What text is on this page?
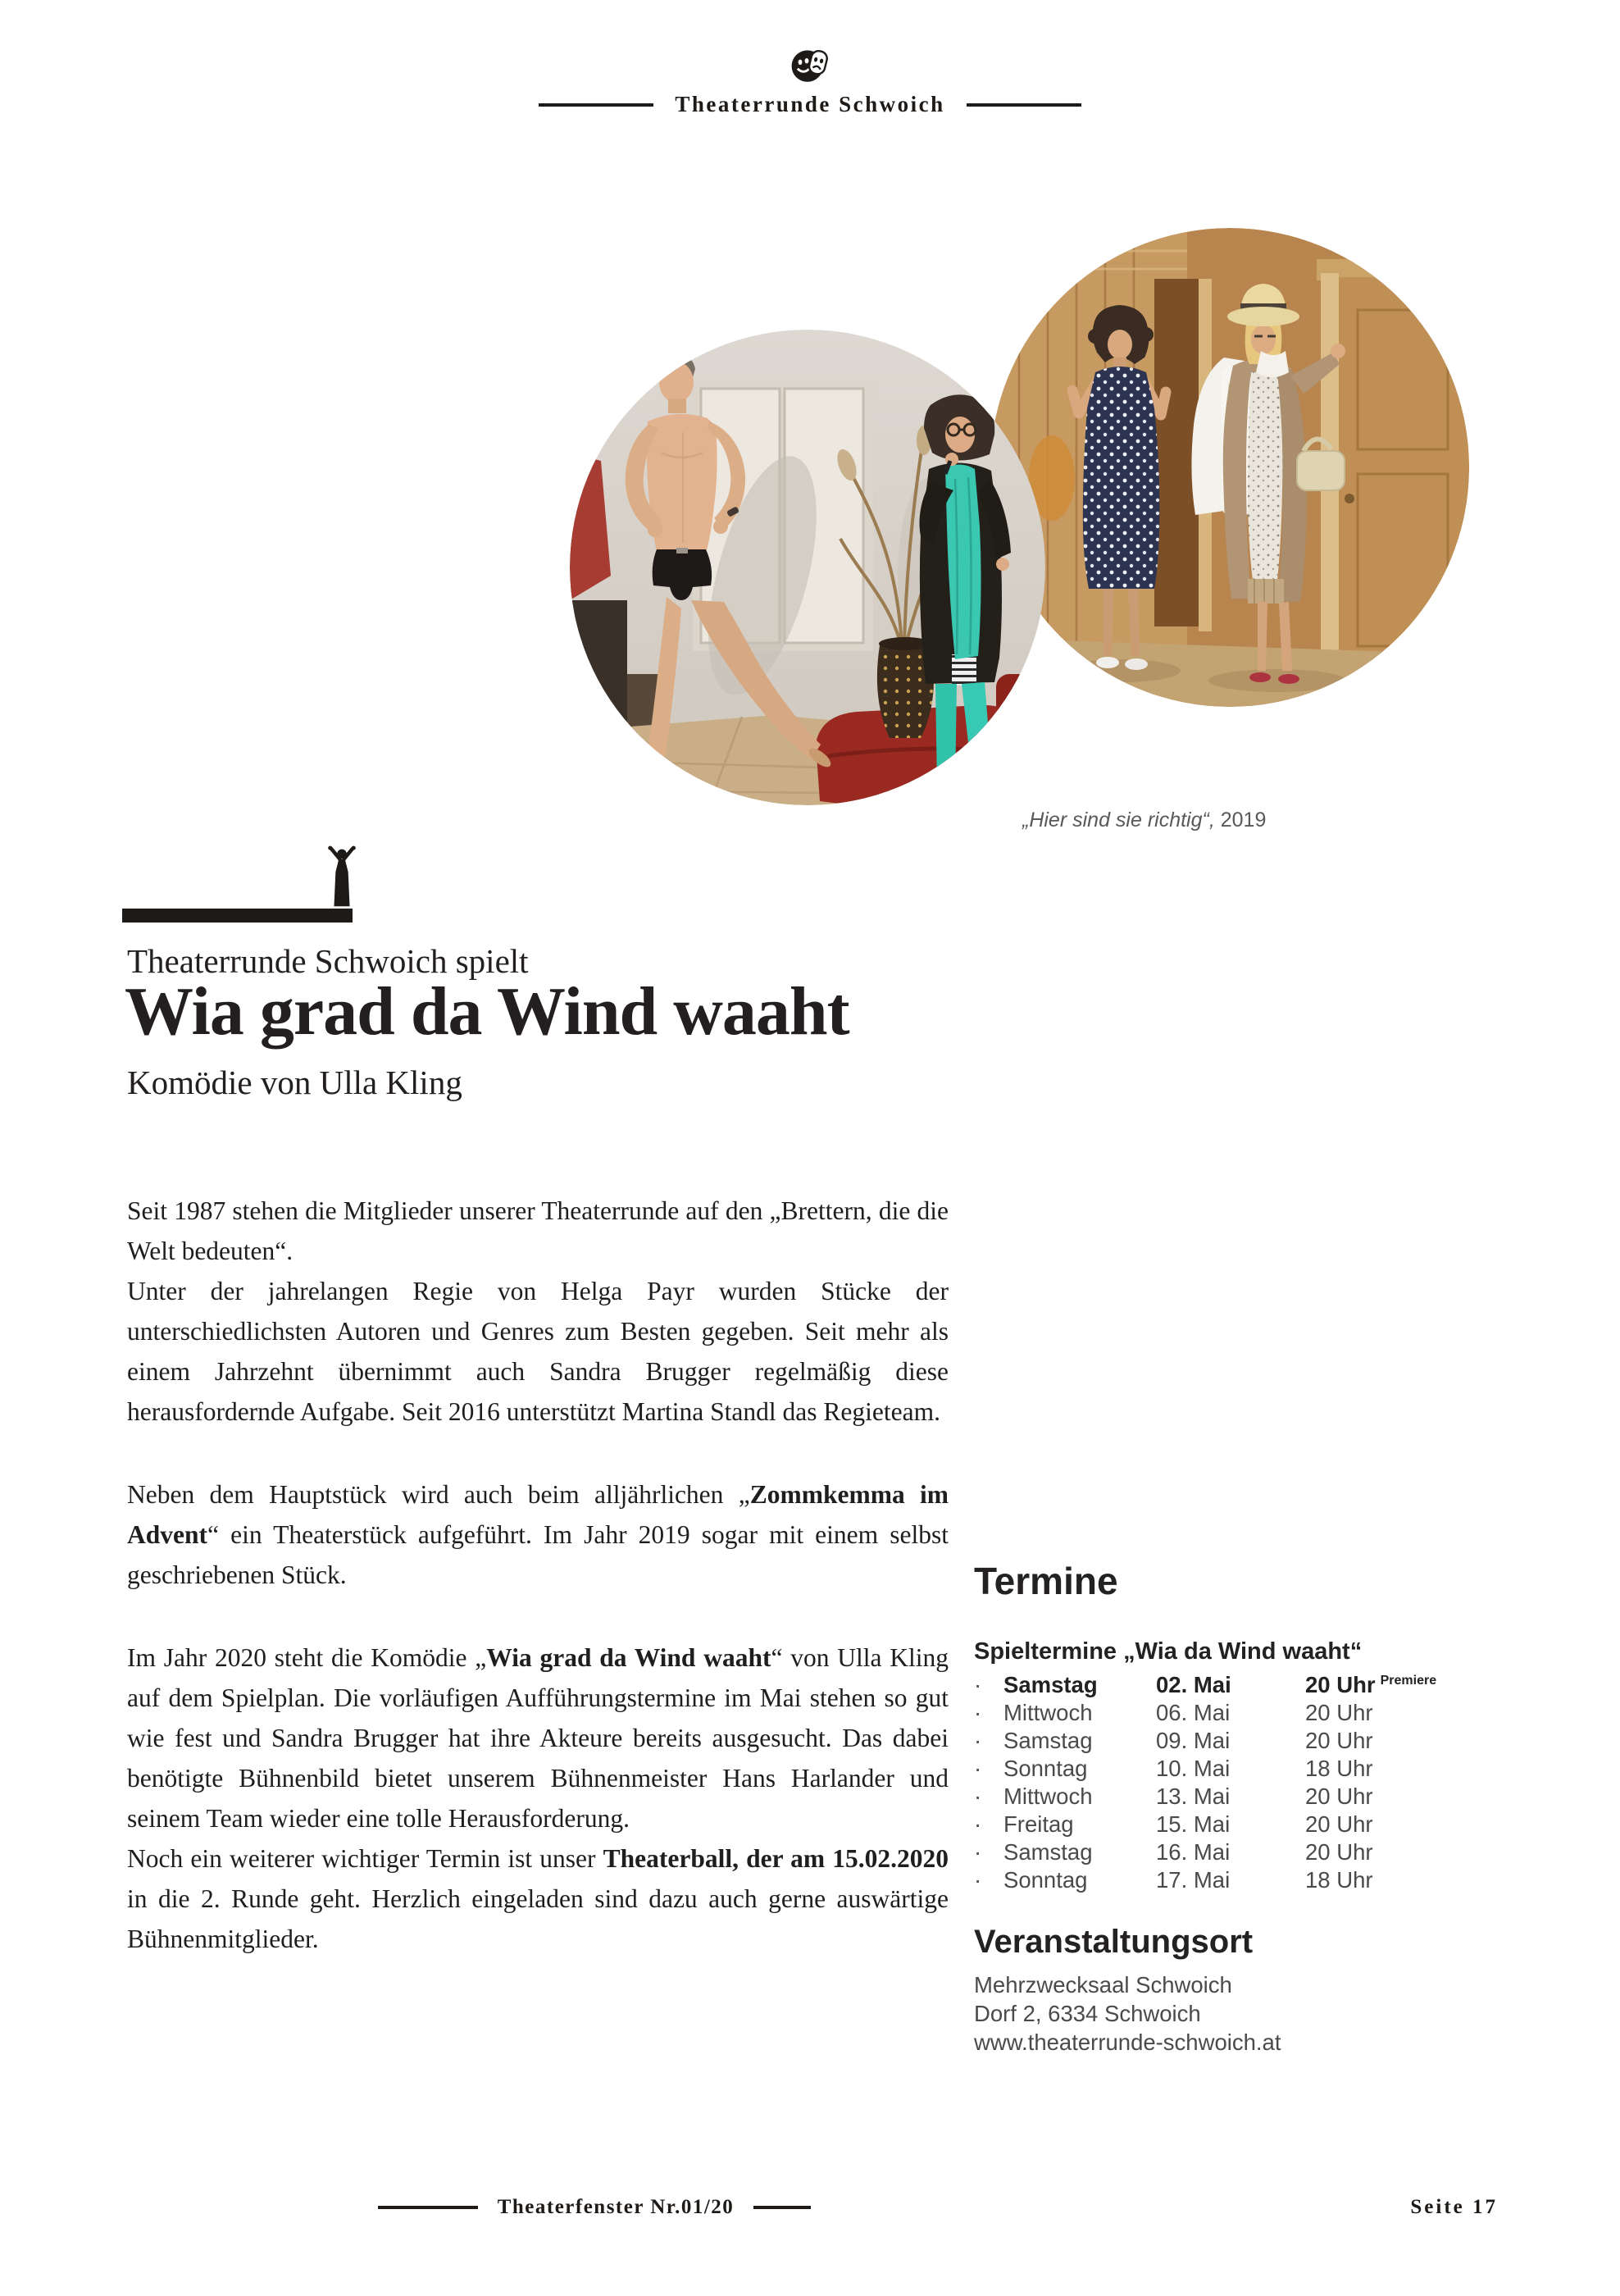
Theaterrunde Schwoich
„Hier sind sie richtig“, 2019
Theaterrunde Schwoich spielt
Wia grad da Wind waaht
Komödie von Ulla Kling

Seit 1987 stehen die Mitglieder unserer Theaterrunde auf den „Brettern, die die Welt bedeuten“.
Unter der jahrelangen Regie von Helga Payr wurden Stücke der unterschiedlichsten Autoren und Genres zum Besten gegeben. Seit mehr als einem Jahrzehnt übernimmt auch Sandra Brugger regelmäßig diese herausfordernde Aufgabe. Seit 2016 unterstützt Martina Standl das Regieteam.

Neben dem Hauptstück wird auch beim alljährlichen „Zommkemma im Advent“ ein Theaterstück aufgeführt. Im Jahr 2019 sogar mit einem selbst geschriebenen Stück.

Im Jahr 2020 steht die Komödie „Wia grad da Wind waaht“ von Ulla Kling auf dem Spielplan. Die vorläufigen Aufführungstermine im Mai stehen so gut wie fest und Sandra Brugger hat ihre Akteure bereits ausgesucht. Das dabei benötigte Bühnenbild bietet unserem Bühnenmeister Hans Harlander und seinem Team wieder eine tolle Herausforderung.
Noch ein weiterer wichtiger Termin ist unser Theaterball, der am 15.02.2020 in die 2. Runde geht. Herzlich eingeladen sind dazu auch gerne auswärtige Bühnenmitglieder.

Termine
Spieltermine „Wia da Wind waaht“
· Samstag	02. Mai	20 Uhr $^{Premiere}$
· Mittwoch	06. Mai	20 Uhr
· Samstag	09. Mai	20 Uhr
· Sonntag	10. Mai	18 Uhr
· Mittwoch	13. Mai	20 Uhr
· Freitag	15. Mai	20 Uhr
· Samstag	16. Mai	20 Uhr
· Sonntag	17. Mai	18 Uhr
Veranstaltungsort
Mehrzwecksaal Schwoich
Dorf 2, 6334 Schwoich
www.theaterrunde-schwoich.at
Theaterfenster Nr.01/20	Seite 17
